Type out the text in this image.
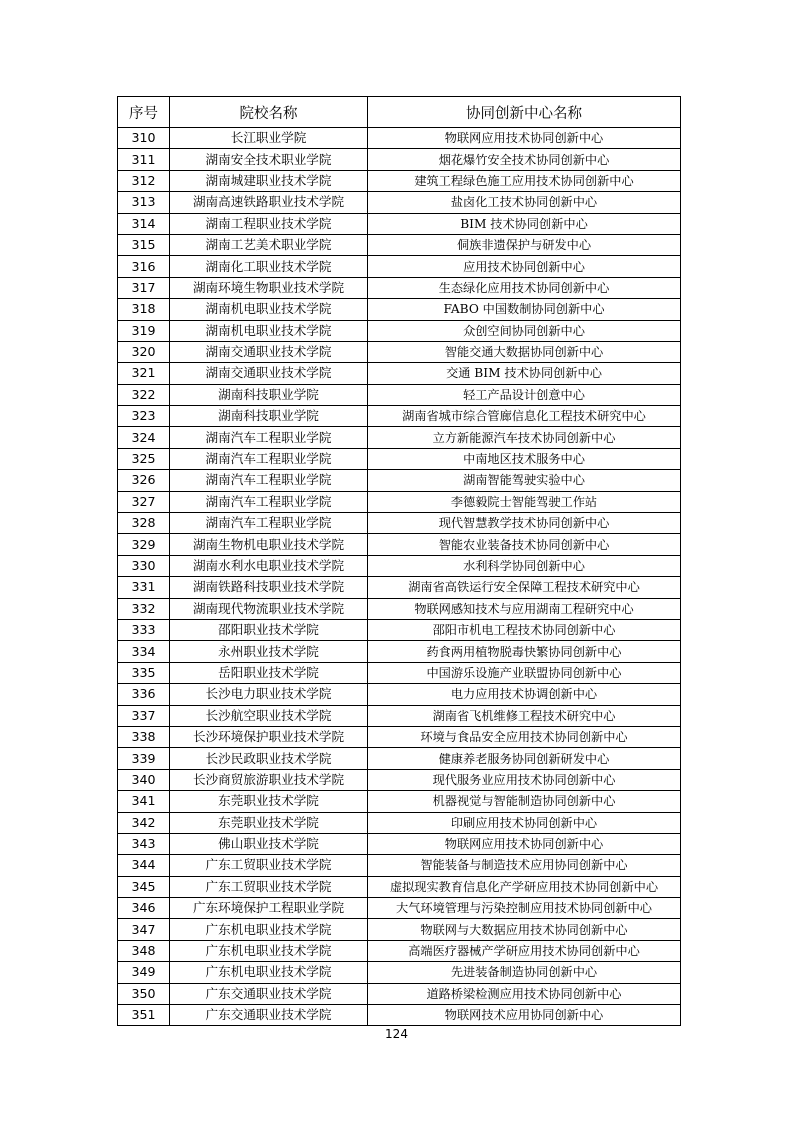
序号	院校名称	协同创新中心名称
310	长江职业学院	物联网应用技术协同创新中心
311	湖南安全技术职业学院	烟花爆竹安全技术协同创新中心
312	湖南城建职业技术学院	建筑工程绿色施工应用技术协同创新中心
313	湖南高速铁路职业技术学院	盐卤化工技术协同创新中心
314	湖南工程职业技术学院	BIM 技术协同创新中心
315	湖南工艺美术职业学院	侗族非遗保护与研发中心
316	湖南化工职业技术学院	应用技术协同创新中心
317	湖南环境生物职业技术学院	生态绿化应用技术协同创新中心
318	湖南机电职业技术学院	FABO 中国数制协同创新中心
319	湖南机电职业技术学院	众创空间协同创新中心
320	湖南交通职业技术学院	智能交通大数据协同创新中心
321	湖南交通职业技术学院	交通 BIM 技术协同创新中心
322	湖南科技职业学院	轻工产品设计创意中心
323	湖南科技职业学院	湖南省城市综合管廊信息化工程技术研究中心
324	湖南汽车工程职业学院	立方新能源汽车技术协同创新中心
325	湖南汽车工程职业学院	中南地区技术服务中心
326	湖南汽车工程职业学院	湖南智能驾驶实验中心
327	湖南汽车工程职业学院	李德毅院士智能驾驶工作站
328	湖南汽车工程职业学院	现代智慧教学技术协同创新中心
329	湖南生物机电职业技术学院	智能农业装备技术协同创新中心
330	湖南水利水电职业技术学院	水利科学协同创新中心
331	湖南铁路科技职业技术学院	湖南省高铁运行安全保障工程技术研究中心
332	湖南现代物流职业技术学院	物联网感知技术与应用湖南工程研究中心
333	邵阳职业技术学院	邵阳市机电工程技术协同创新中心
334	永州职业技术学院	药食两用植物脱毒快繁协同创新中心
335	岳阳职业技术学院	中国游乐设施产业联盟协同创新中心
336	长沙电力职业技术学院	电力应用技术协调创新中心
337	长沙航空职业技术学院	湖南省飞机维修工程技术研究中心
338	长沙环境保护职业技术学院	环境与食品安全应用技术协同创新中心
339	长沙民政职业技术学院	健康养老服务协同创新研发中心
340	长沙商贸旅游职业技术学院	现代服务业应用技术协同创新中心
341	东莞职业技术学院	机器视觉与智能制造协同创新中心
342	东莞职业技术学院	印刷应用技术协同创新中心
343	佛山职业技术学院	物联网应用技术协同创新中心
344	广东工贸职业技术学院	智能装备与制造技术应用协同创新中心
345	广东工贸职业技术学院	虚拟现实教育信息化产学研应用技术协同创新中心
346	广东环境保护工程职业学院	大气环境管理与污染控制应用技术协同创新中心
347	广东机电职业技术学院	物联网与大数据应用技术协同创新中心
348	广东机电职业技术学院	高端医疗器械产学研应用技术协同创新中心
349	广东机电职业技术学院	先进装备制造协同创新中心
350	广东交通职业技术学院	道路桥梁检测应用技术协同创新中心
351	广东交通职业技术学院	物联网技术应用协同创新中心
124
